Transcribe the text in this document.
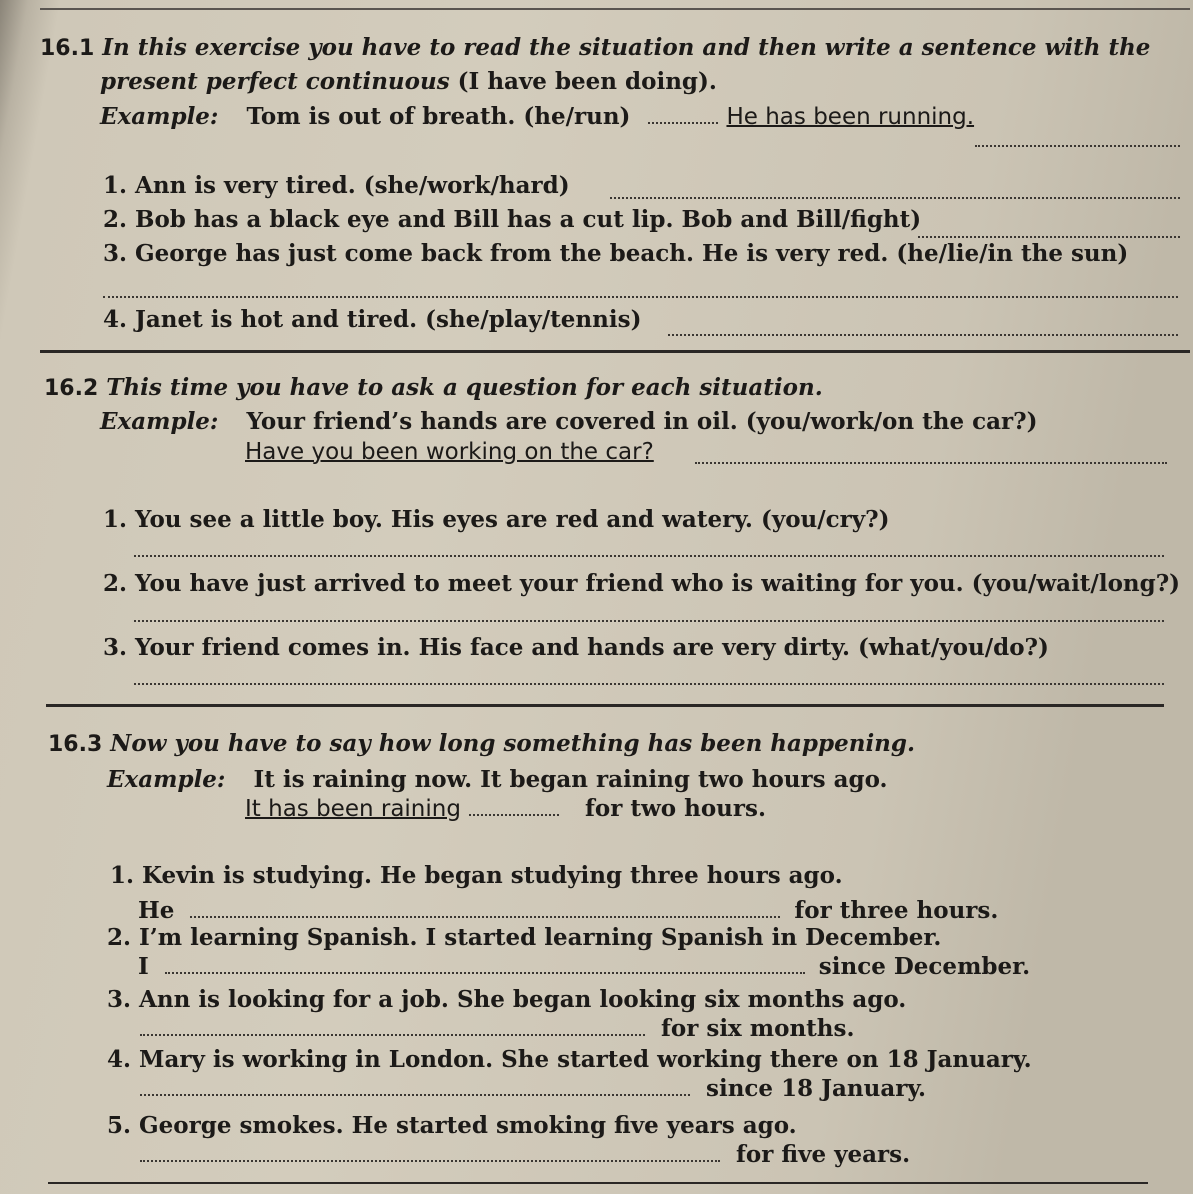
16.1 In this exercise you have to read the situation and then write a sentence with the
present perfect continuous (I have been doing).
Example: Tom is out of breath. (he/run)	He has been running.
1. Ann is very tired. (she/work/hard)
2. Bob has a black eye and Bill has a cut lip. Bob and Bill/fight)
3. George has just come back from the beach. He is very red. (he/lie/in the sun)
4. Janet is hot and tired. (she/play/tennis)
16.2 This time you have to ask a question for each situation.
Example: Your friend’s hands are covered in oil. (you/work/on the car?)
Have you been working on the car?
1. You see a little boy. His eyes are red and watery. (you/cry?)
2. You have just arrived to meet your friend who is waiting for you. (you/wait/long?)
3. Your friend comes in. His face and hands are very dirty. (what/you/do?)
16.3 Now you have to say how long something has been happening.
Example: It is raining now. It began raining two hours ago.
It has been raining	for two hours.
1. Kevin is studying. He began studying three hours ago.
He	for three hours.
2. I’m learning Spanish. I started learning Spanish in December.
I	since December.
3. Ann is looking for a job. She began looking six months ago.
for six months.
4. Mary is working in London. She started working there on 18 January.
since 18 January.
5. George smokes. He started smoking five years ago.
for five years.
